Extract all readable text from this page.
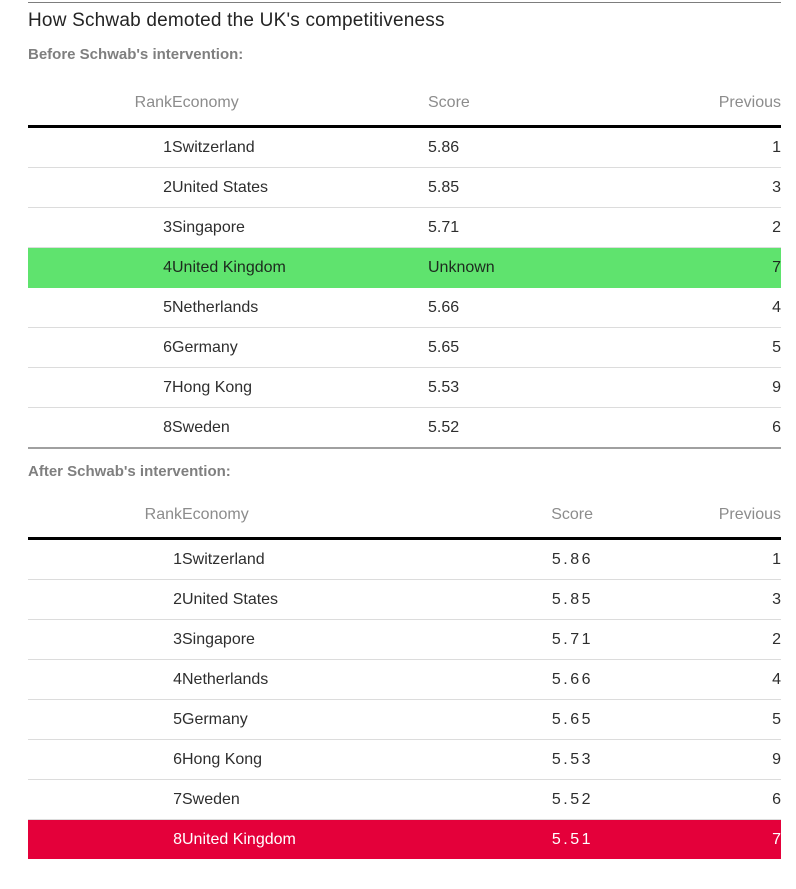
How Schwab demoted the UK's competitiveness

Before Schwab's intervention:

Rank	Economy	Score	Previous
1	Switzerland	5.86	1
2	United States	5.85	3
3	Singapore	5.71	2
4	United Kingdom	Unknown	7
5	Netherlands	5.66	4
6	Germany	5.65	5
7	Hong Kong	5.53	9
8	Sweden	5.52	6

After Schwab's intervention:

Rank	Economy	Score	Previous
1	Switzerland	5.86	1
2	United States	5.85	3
3	Singapore	5.71	2
4	Netherlands	5.66	4
5	Germany	5.65	5
6	Hong Kong	5.53	9
7	Sweden	5.52	6
8	United Kingdom	5.51	7
